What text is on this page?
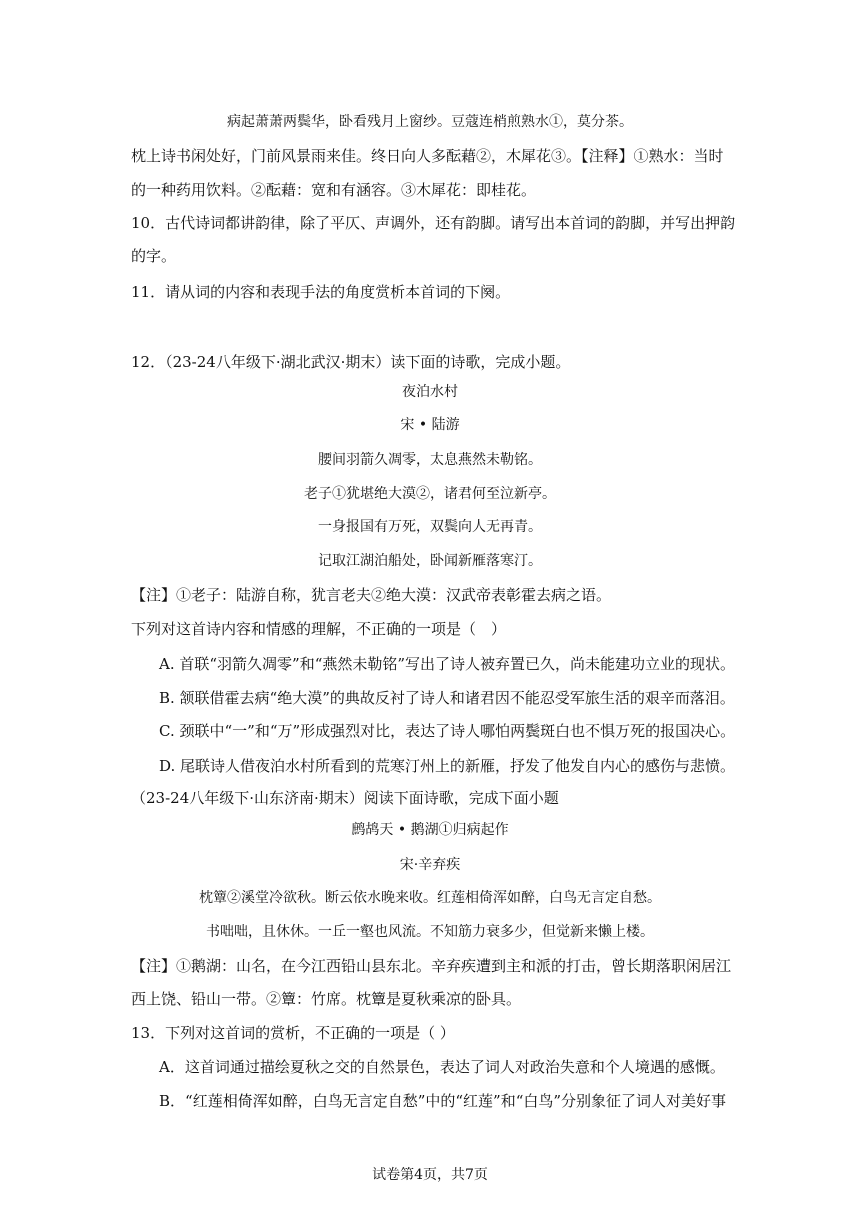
病起萧萧两鬓华，卧看残月上窗纱。豆蔻连梢煎熟水①，莫分茶。
枕上诗书闲处好，门前风景雨来佳。终日向人多酝藉②，木犀花③。【注释】①熟水：当时
的一种药用饮料。②酝藉：宽和有涵容。③木犀花：即桂花。
10．古代诗词都讲韵律，除了平仄、声调外，还有韵脚。请写出本首词的韵脚，并写出押韵
的字。
11．请从词的内容和表现手法的角度赏析本首词的下阕。
12．（23-24八年级下·湖北武汉·期末）读下面的诗歌，完成小题。
夜泊水村
宋 • 陆游
腰间羽箭久凋零，太息燕然未勒铭。
老子①犹堪绝大漠②，诸君何至泣新亭。
一身报国有万死，双鬓向人无再青。
记取江湖泊船处，卧闻新雁落寒汀。
【注】①老子：陆游自称，犹言老夫②绝大漠：汉武帝表彰霍去病之语。
下列对这首诗内容和情感的理解，不正确的一项是（　）
A. 首联“羽箭久凋零”和“燕然未勒铭”写出了诗人被弃置已久，尚未能建功立业的现状。
B. 颔联借霍去病“绝大漠”的典故反衬了诗人和诸君因不能忍受军旅生活的艰辛而落泪。
C. 颈联中“一”和“万”形成强烈对比，表达了诗人哪怕两鬓斑白也不惧万死的报国决心。
D. 尾联诗人借夜泊水村所看到的荒寒汀州上的新雁，抒发了他发自内心的感伤与悲愤。
（23-24八年级下·山东济南·期末）阅读下面诗歌，完成下面小题
鹧鸪天 • 鹅湖①归病起作
宋·辛弃疾
枕簟②溪堂冷欲秋。断云依水晚来收。红莲相倚浑如醉，白鸟无言定自愁。
书咄咄，且休休。一丘一壑也风流。不知筋力衰多少，但觉新来懒上楼。
【注】①鹅湖：山名，在今江西铅山县东北。辛弃疾遭到主和派的打击，曾长期落职闲居江
西上饶、铅山一带。②簟：竹席。枕簟是夏秋乘凉的卧具。
13．下列对这首词的赏析，不正确的一项是（ ）
A．这首词通过描绘夏秋之交的自然景色，表达了词人对政治失意和个人境遇的感慨。
B．“红莲相倚浑如醉，白鸟无言定自愁”中的“红莲”和“白鸟”分别象征了词人对美好事
试卷第4页，共7页
